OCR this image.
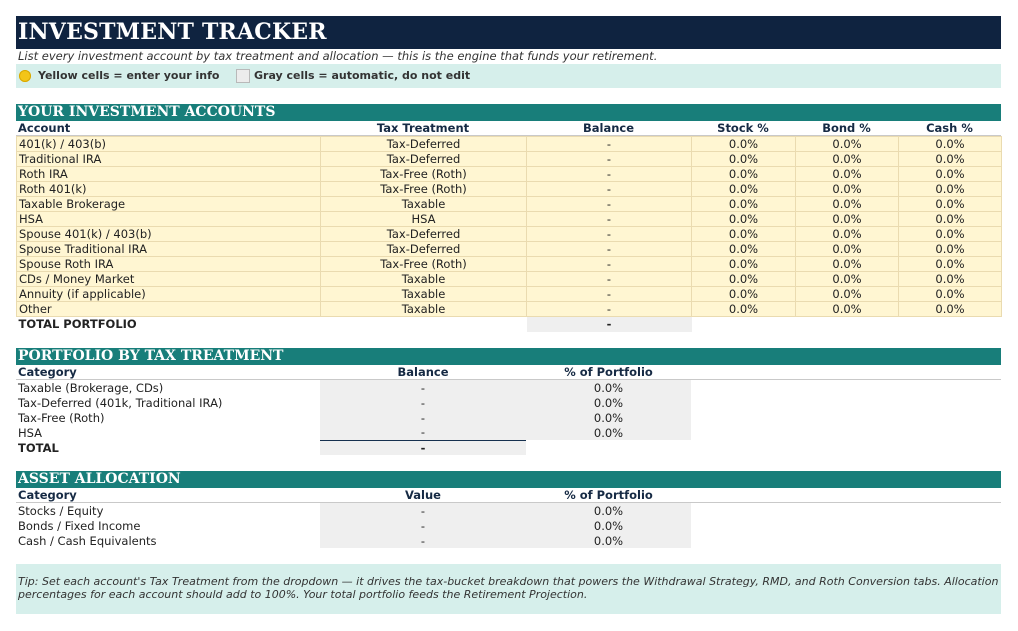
INVESTMENT TRACKER
List every investment account by tax treatment and allocation — this is the engine that funds your retirement.
Yellow cells = enter your info	Gray cells = automatic, do not edit
YOUR INVESTMENT ACCOUNTS
Account	Tax Treatment	Balance	Stock %	Bond %	Cash %
401(k) / 403(b)	Tax-Deferred	-	0.0%	0.0%	0.0%
Traditional IRA	Tax-Deferred	-	0.0%	0.0%	0.0%
Roth IRA	Tax-Free (Roth)	-	0.0%	0.0%	0.0%
Roth 401(k)	Tax-Free (Roth)	-	0.0%	0.0%	0.0%
Taxable Brokerage	Taxable	-	0.0%	0.0%	0.0%
HSA	HSA	-	0.0%	0.0%	0.0%
Spouse 401(k) / 403(b)	Tax-Deferred	-	0.0%	0.0%	0.0%
Spouse Traditional IRA	Tax-Deferred	-	0.0%	0.0%	0.0%
Spouse Roth IRA	Tax-Free (Roth)	-	0.0%	0.0%	0.0%
CDs / Money Market	Taxable	-	0.0%	0.0%	0.0%
Annuity (if applicable)	Taxable	-	0.0%	0.0%	0.0%
Other	Taxable	-	0.0%	0.0%	0.0%
TOTAL PORTFOLIO		-			
PORTFOLIO BY TAX TREATMENT
Category	Balance	% of Portfolio
Taxable (Brokerage, CDs)	-	0.0%
Tax-Deferred (401k, Traditional IRA)	-	0.0%
Tax-Free (Roth)	-	0.0%
HSA	-	0.0%
TOTAL	-	
ASSET ALLOCATION
Category	Value	% of Portfolio
Stocks / Equity	-	0.0%
Bonds / Fixed Income	-	0.0%
Cash / Cash Equivalents	-	0.0%
Tip: Set each account's Tax Treatment from the dropdown — it drives the tax-bucket breakdown that powers the Withdrawal Strategy, RMD, and Roth Conversion tabs. Allocation percentages for each account should add to 100%. Your total portfolio feeds the Retirement Projection.
